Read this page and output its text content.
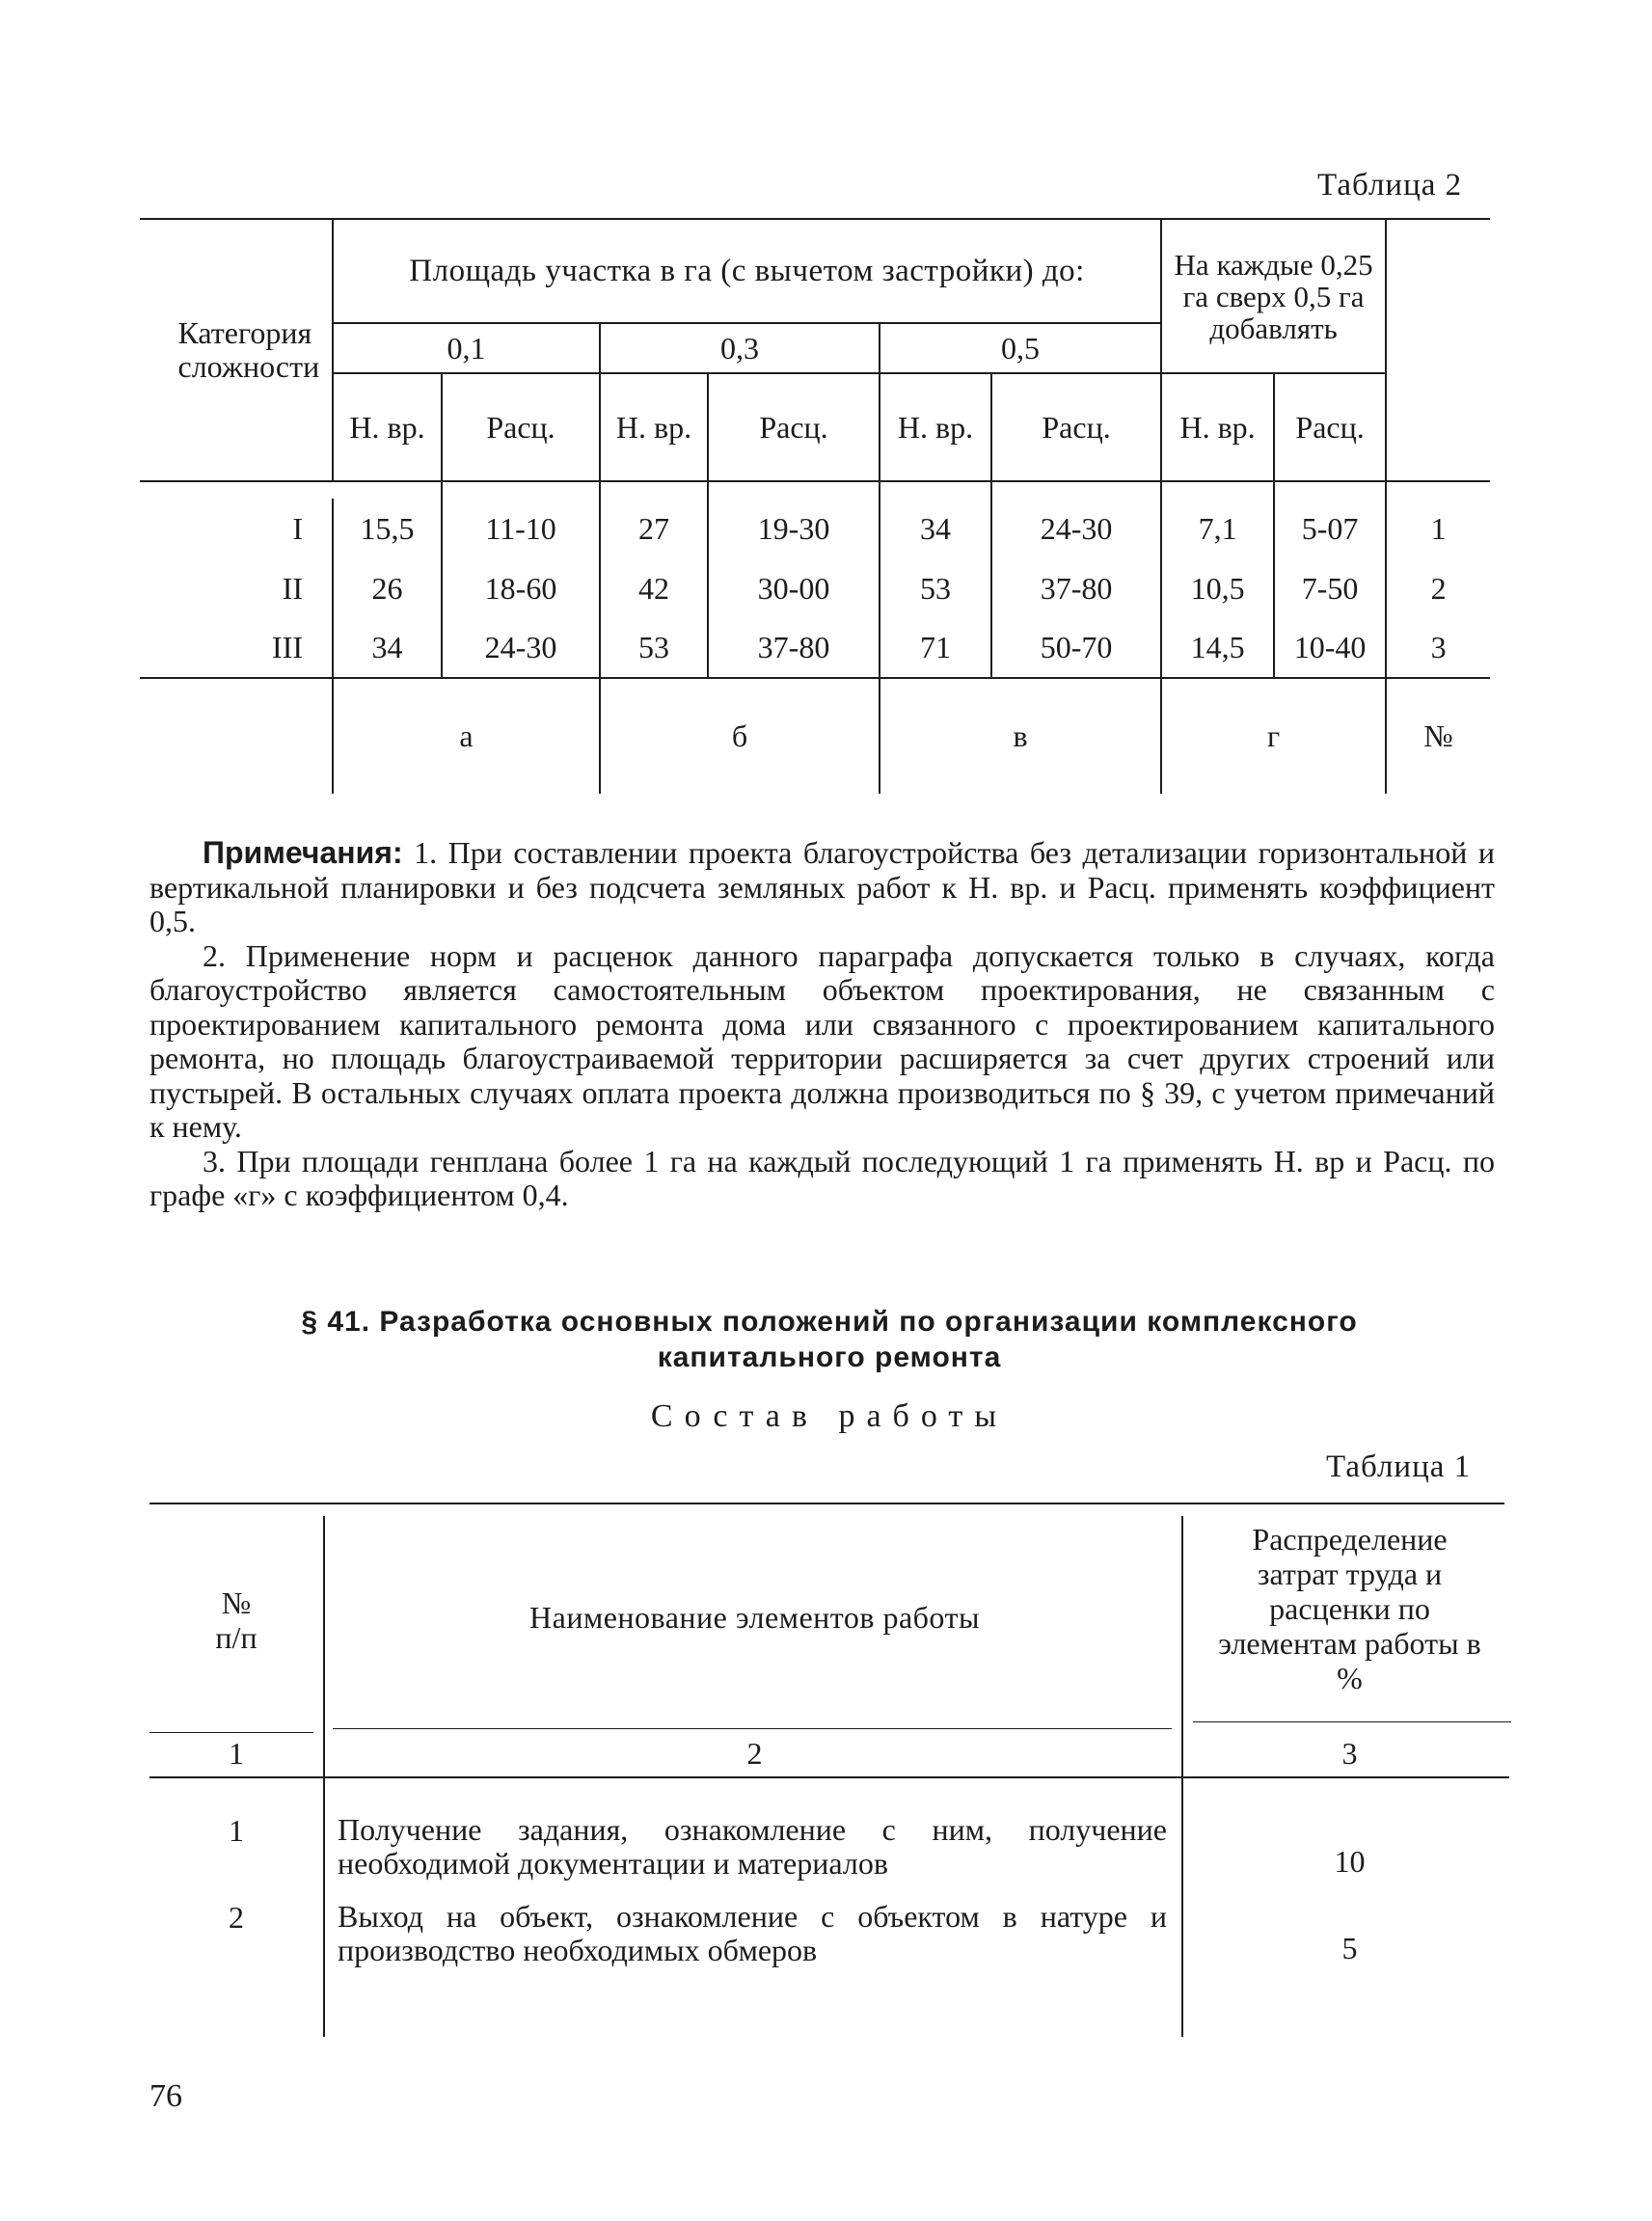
Таблица 2
Категория сложности	Площадь участка в га (с вычетом застройки) до:						На каждые 0,25 га сверх 0,5 га добавлять		

	0,1		0,3		0,5				
	Н. вр.	Расц.	Н. вр.	Расц.	Н. вр.	Расц.	Н. вр.	Расц.	

I	15,5	11-10	27	19-30	34	24-30	7,1	5-07	1
II	26	18-60	42	30-00	53	37-80	10,5	7-50	2
III	34	24-30	53	37-80	71	50-70	14,5	10-40	3
	а		б		в		г		№

Примечания: 1. При составлении проекта благоустройства без детализации горизонтальной и вертикальной планировки и без подсчета земляных работ к Н. вр. и Расц. применять коэффициент 0,5.

2. Применение норм и расценок данного параграфа допускается только в случаях, когда благоустройство является самостоятельным объектом проектирования, не связанным с проектированием капитального ремонта дома или связанного с проектированием капитального ремонта, но площадь благоустраиваемой территории расширяется за счет других строений или пустырей. В остальных случаях оплата проекта должна производиться по § 39, с учетом примечаний к нему.

3. При площади генплана более 1 га на каждый последующий 1 га применять Н. вр и Расц. по графе «г» с коэффициентом 0,4.

§ 41. Разработка основных положений по организации комплексного капитального ремонта
Состав работы
Таблица 1
№ п/п
Наименование элементов работы
Распределение затрат труда и расценки по элементам работы в %
1	2	3
1	Получение задания, ознакомление с ним, получение необходимой документации и материалов	10
2	Выход на объект, ознакомление с объектом в натуре и производство необходимых обмеров	5
76
